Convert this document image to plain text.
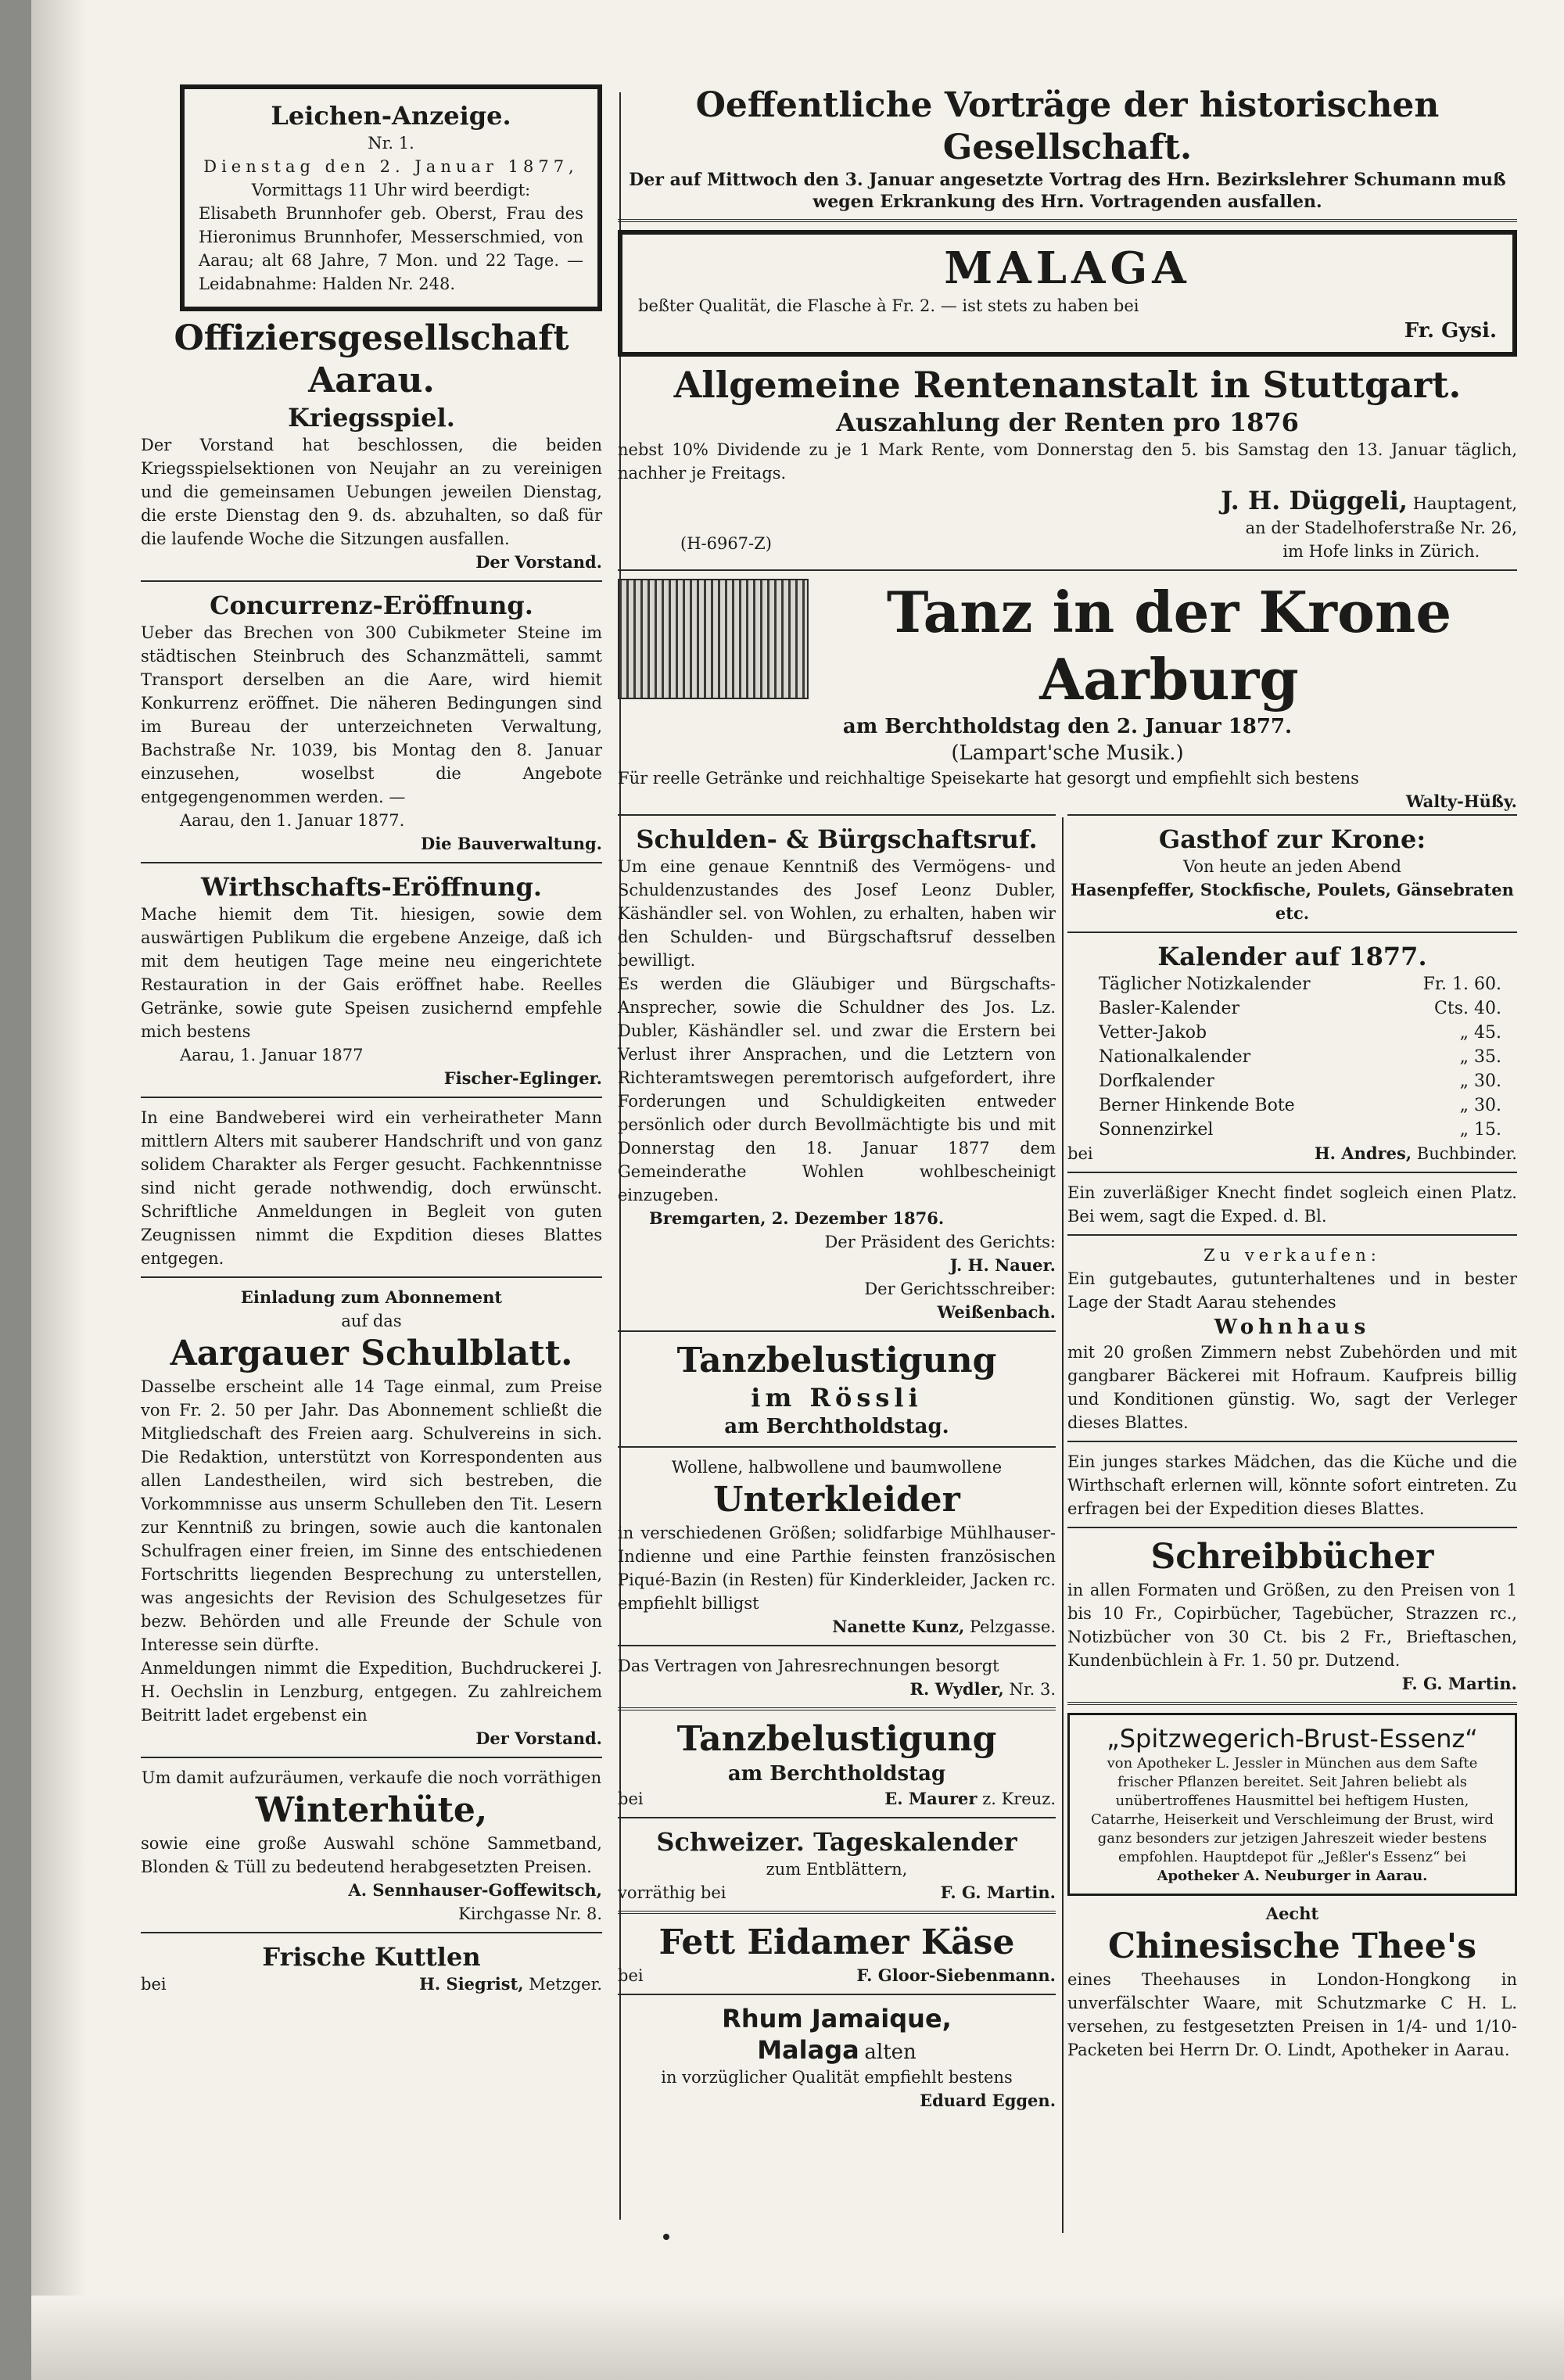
Leichen-Anzeige.
Nr. 1.
Dienstag den 2. Januar 1877,
Vormittags 11 Uhr wird beerdigt:
Elisabeth Brunnhofer geb. Oberst, Frau des Hieronimus Brunnhofer, Messerschmied, von Aarau; alt 68 Jahre, 7 Mon. und 22 Tage. — Leidabnahme: Halden Nr. 248.
Offiziersgesellschaft Aarau.
Kriegsspiel.
Der Vorstand hat beschlossen, die beiden Kriegsspielsektionen von Neujahr an zu vereinigen und die gemeinsamen Uebungen jeweilen Dienstag, die erste Dienstag den 9. ds. abzuhalten, so daß für die laufende Woche die Sitzungen ausfallen.
Der Vorstand.
Concurrenz-Eröffnung.
Ueber das Brechen von 300 Cubikmeter Steine im städtischen Steinbruch des Schanzmätteli, sammt Transport derselben an die Aare, wird hiemit Konkurrenz eröffnet. Die näheren Bedingungen sind im Bureau der unterzeichneten Verwaltung, Bachstraße Nr. 1039, bis Montag den 8. Januar einzusehen, woselbst die Angebote entgegengenommen werden. —
Aarau, den 1. Januar 1877.
Die Bauverwaltung.
Wirthschafts-Eröffnung.
Mache hiemit dem Tit. hiesigen, sowie dem auswärtigen Publikum die ergebene Anzeige, daß ich mit dem heutigen Tage meine neu eingerichtete Restauration in der Gais eröffnet habe. Reelles Getränke, sowie gute Speisen zusichernd empfehle mich bestens
Aarau, 1. Januar 1877
Fischer-Eglinger.
In eine Bandweberei wird ein verheiratheter Mann mittlern Alters mit sauberer Handschrift und von ganz solidem Charakter als Ferger gesucht. Fachkenntnisse sind nicht gerade nothwendig, doch erwünscht. Schriftliche Anmeldungen in Begleit von guten Zeugnissen nimmt die Expdition dieses Blattes entgegen.
Einladung zum Abonnement
auf das
Aargauer Schulblatt.
Dasselbe erscheint alle 14 Tage einmal, zum Preise von Fr. 2. 50 per Jahr. Das Abonnement schließt die Mitgliedschaft des Freien aarg. Schulvereins in sich. Die Redaktion, unterstützt von Korrespondenten aus allen Landestheilen, wird sich bestreben, die Vorkommnisse aus unserm Schulleben den Tit. Lesern zur Kenntniß zu bringen, sowie auch die kantonalen Schulfragen einer freien, im Sinne des entschiedenen Fortschritts liegenden Besprechung zu unterstellen, was angesichts der Revision des Schulgesetzes für bezw. Behörden und alle Freunde der Schule von Interesse sein dürfte.
Anmeldungen nimmt die Expedition, Buchdruckerei J. H. Oechslin in Lenzburg, entgegen. Zu zahlreichem Beitritt ladet ergebenst ein
Der Vorstand.
Um damit aufzuräumen, verkaufe die noch vorräthigen
Winterhüte,
sowie eine große Auswahl schöne Sammetband, Blonden & Tüll zu bedeutend herabgesetzten Preisen.
A. Sennhauser-Goffewitsch,
Kirchgasse Nr. 8.
Frische Kuttlen
bei	H. Siegrist, Metzger.
Oeffentliche Vorträge der historischen Gesellschaft.
Der auf Mittwoch den 3. Januar angesetzte Vortrag des Hrn. Bezirkslehrer Schumann muß wegen Erkrankung des Hrn. Vortragenden ausfallen.
MALAGA
beßter Qualität, die Flasche à Fr. 2. — ist stets zu haben bei
Fr. Gysi.
Allgemeine Rentenanstalt in Stuttgart.
Auszahlung der Renten pro 1876
nebst 10% Dividende zu je 1 Mark Rente, vom Donnerstag den 5. bis Samstag den 13. Januar täglich, nachher je Freitags.
J. H. Düggeli, Hauptagent,
(H-6967-Z)
an der Stadelhoferstraße Nr. 26,
im Hofe links in Zürich.
Tanz in der Krone Aarburg
am Berchtholdstag den 2. Januar 1877.
(Lampart'sche Musik.)
Für reelle Getränke und reichhaltige Speisekarte hat gesorgt und empfiehlt sich bestens
Walty-Hüßy.
Schulden- & Bürgschaftsruf.
Um eine genaue Kenntniß des Vermögens- und Schuldenzustandes des Josef Leonz Dubler, Käshändler sel. von Wohlen, zu erhalten, haben wir den Schulden- und Bürgschaftsruf desselben bewilligt.
Es werden die Gläubiger und Bürgschafts-Ansprecher, sowie die Schuldner des Jos. Lz. Dubler, Käshändler sel. und zwar die Erstern bei Verlust ihrer Ansprachen, und die Letztern von Richteramtswegen peremtorisch aufgefordert, ihre Forderungen und Schuldigkeiten entweder persönlich oder durch Bevollmächtigte bis und mit Donnerstag den 18. Januar 1877 dem Gemeinderathe Wohlen wohlbescheinigt einzugeben.
Bremgarten, 2. Dezember 1876.
Der Präsident des Gerichts:
J. H. Nauer.
Der Gerichtsschreiber:
Weißenbach.
Tanzbelustigung
im Rössli
am Berchtholdstag.
Wollene, halbwollene und baumwollene
Unterkleider
in verschiedenen Größen; solidfarbige Mühlhauser-Indienne und eine Parthie feinsten französischen Piqué-Bazin (in Resten) für Kinderkleider, Jacken rc. empfiehlt billigst
Nanette Kunz, Pelzgasse.
Das Vertragen von Jahresrechnungen besorgt
R. Wydler, Nr. 3.
Tanzbelustigung
am Berchtholdstag
bei	E. Maurer z. Kreuz.
Schweizer. Tageskalender
zum Entblättern,
vorräthig bei	F. G. Martin.
Fett Eidamer Käse
bei	F. Gloor-Siebenmann.
Rhum Jamaique,
Malaga alten
in vorzüglicher Qualität empfiehlt bestens
Eduard Eggen.
Gasthof zur Krone:
Von heute an jeden Abend
Hasenpfeffer, Stockfische, Poulets, Gänsebraten etc.
Kalender auf 1877.
Täglicher Notizkalender	Fr. 1. 60.
Basler-Kalender	Cts. 40.
Vetter-Jakob	„ 45.
Nationalkalender	„ 35.
Dorfkalender	„ 30.
Berner Hinkende Bote	„ 30.
Sonnenzirkel	„ 15.
bei	H. Andres, Buchbinder.
Ein zuverläßiger Knecht findet sogleich einen Platz. Bei wem, sagt die Exped. d. Bl.
Zu verkaufen:
Ein gutgebautes, gutunterhaltenes und in bester Lage der Stadt Aarau stehendes
Wohnhaus
mit 20 großen Zimmern nebst Zubehörden und mit gangbarer Bäckerei mit Hofraum. Kaufpreis billig und Konditionen günstig. Wo, sagt der Verleger dieses Blattes.
Ein junges starkes Mädchen, das die Küche und die Wirthschaft erlernen will, könnte sofort eintreten. Zu erfragen bei der Expedition dieses Blattes.
Schreibbücher
in allen Formaten und Größen, zu den Preisen von 1 bis 10 Fr., Copirbücher, Tagebücher, Strazzen rc., Notizbücher von 30 Ct. bis 2 Fr., Brieftaschen, Kundenbüchlein à Fr. 1. 50 pr. Dutzend.
F. G. Martin.
„Spitzwegerich-Brust-Essenz“
von Apotheker L. Jessler in München aus dem Safte frischer Pflanzen bereitet. Seit Jahren beliebt als unübertroffenes Hausmittel bei heftigem Husten, Catarrhe, Heiserkeit und Verschleimung der Brust, wird ganz besonders zur jetzigen Jahreszeit wieder bestens empfohlen. Hauptdepot für „Jeßler's Essenz“ bei
Apotheker A. Neuburger in Aarau.
Aecht
Chinesische Thee's
eines Theehauses in London-Hongkong in unverfälschter Waare, mit Schutzmarke C H. L. versehen, zu festgesetzten Preisen in 1/4- und 1/10-Packeten bei Herrn Dr. O. Lindt, Apotheker in Aarau.
